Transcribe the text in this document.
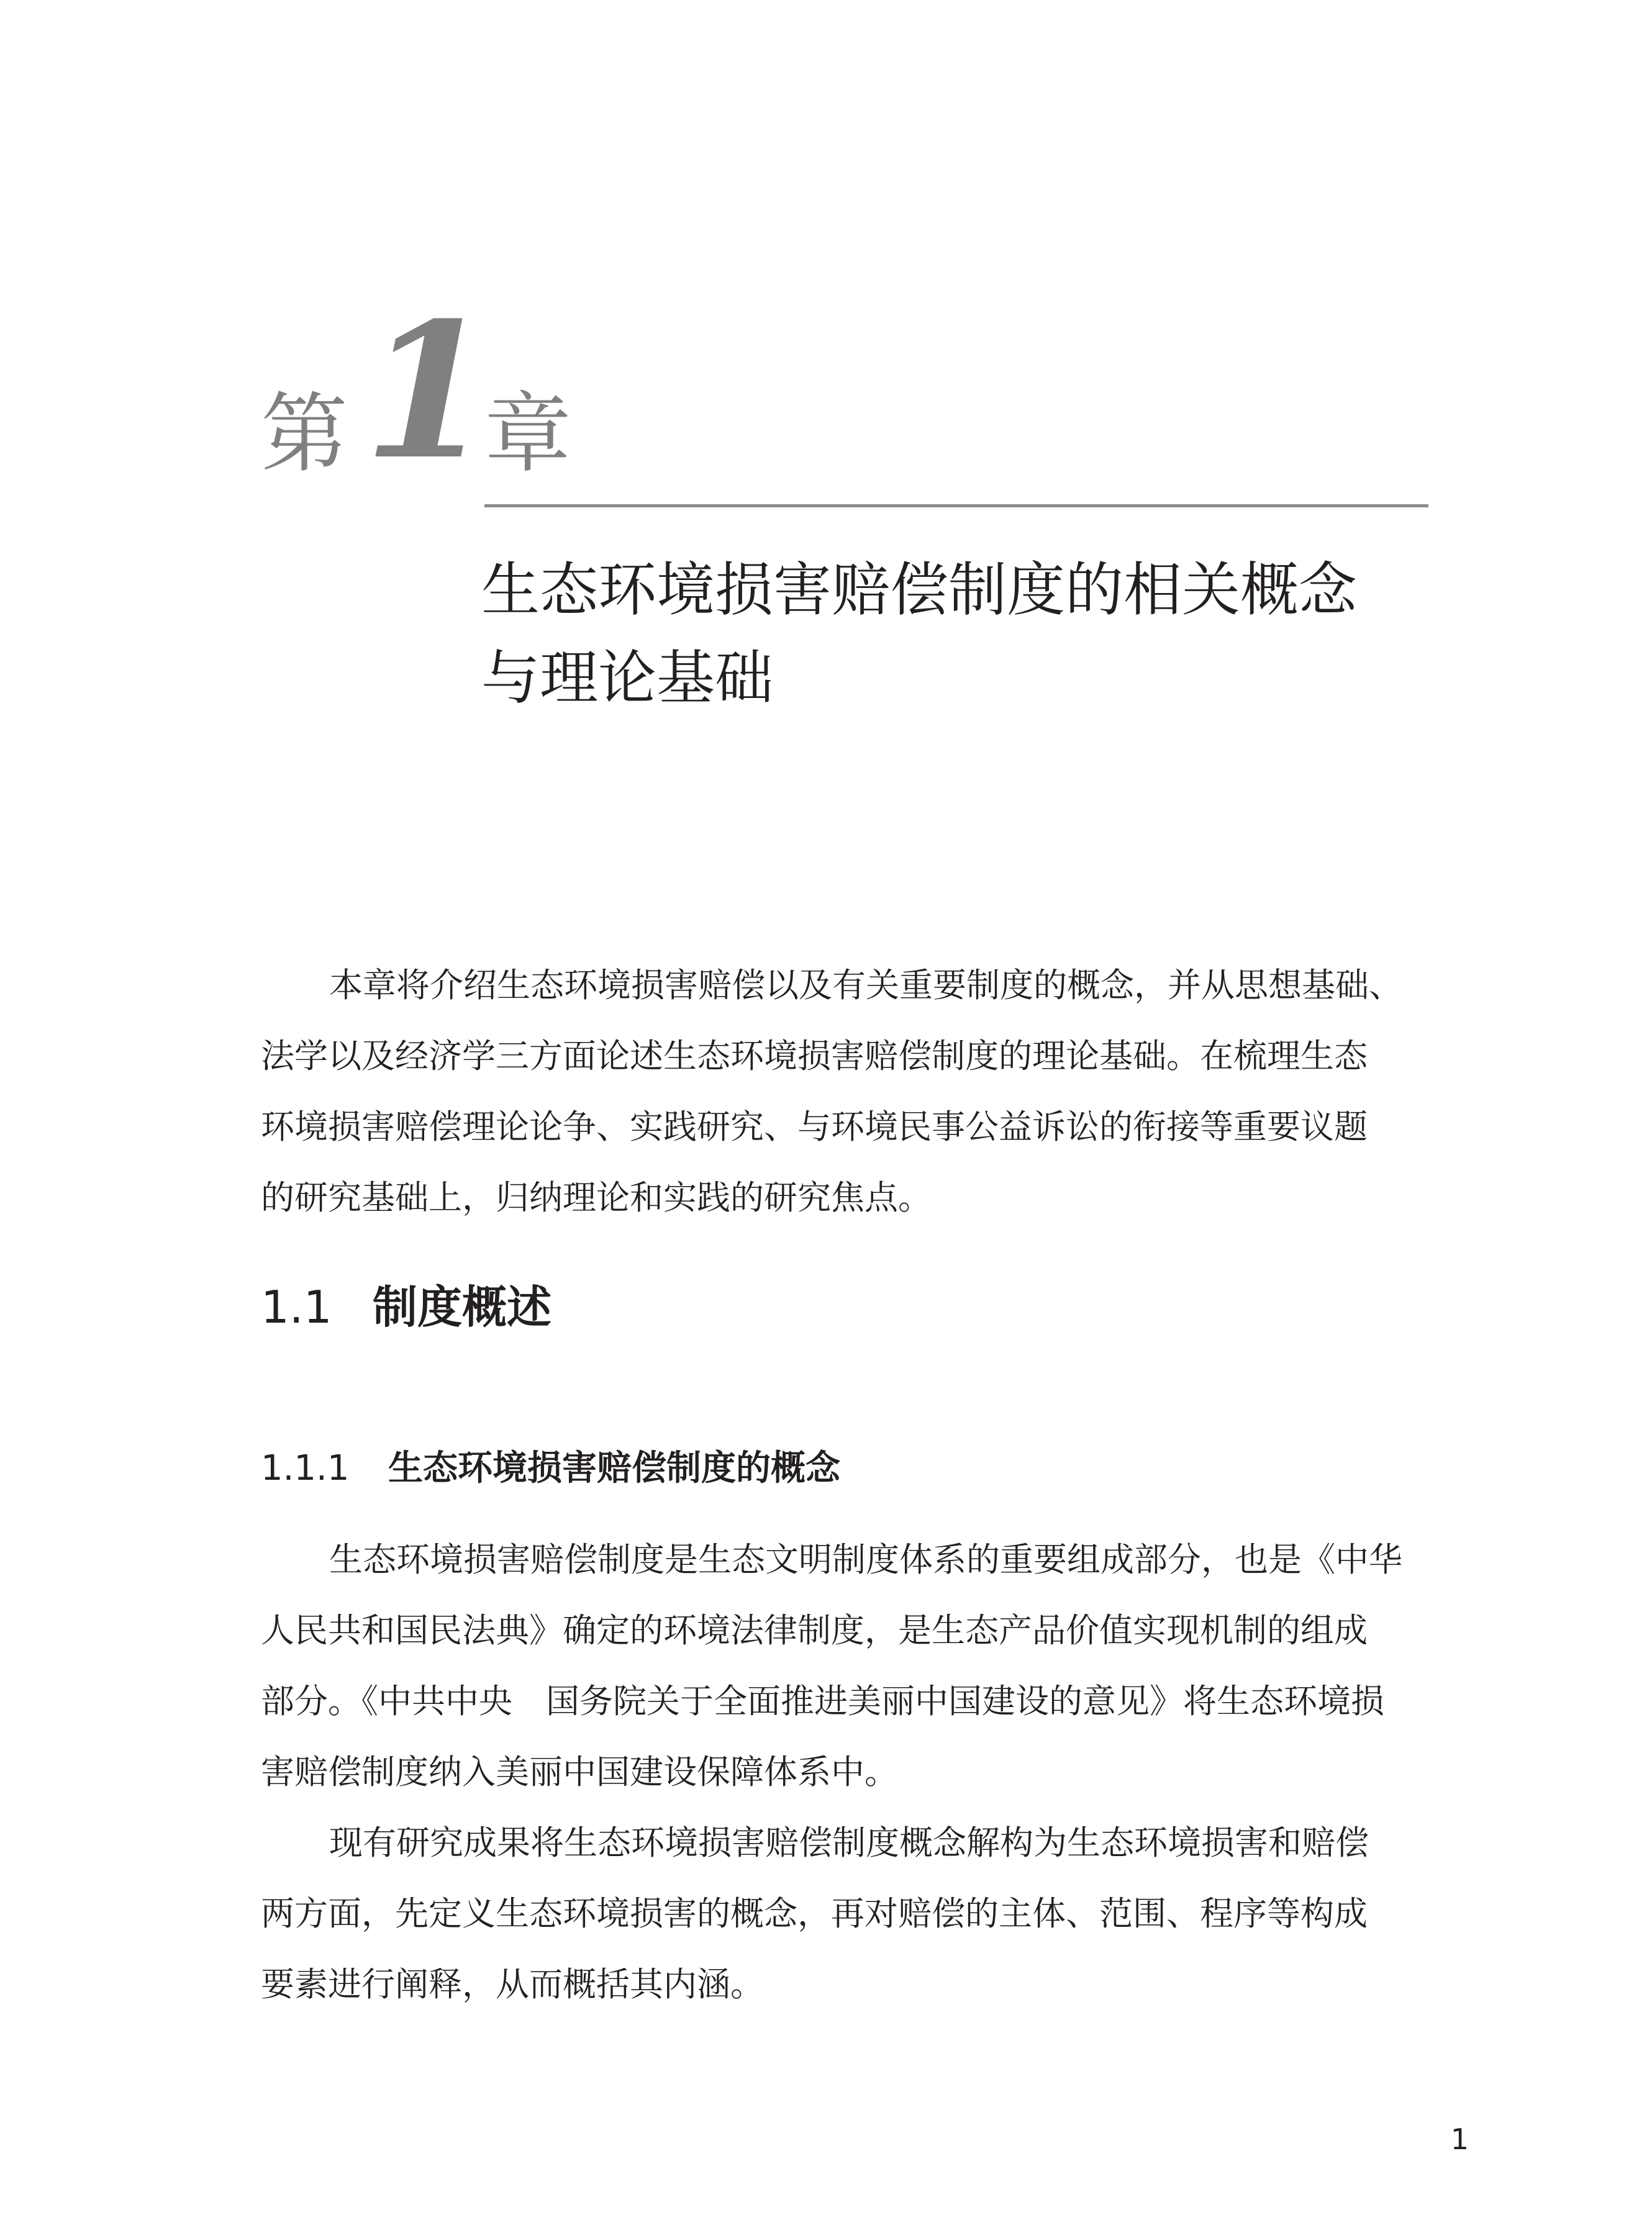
第 1
章
生态环境损害赔偿制度的相关概念
与理论基础
本章将介绍生态环境损害赔偿以及有关重要制度的概念，并从思想基础、
法学以及经济学三方面论述生态环境损害赔偿制度的理论基础。在梳理生态
环境损害赔偿理论论争、实践研究、与环境民事公益诉讼的衔接等重要议题
的研究基础上，归纳理论和实践的研究焦点。
1.1 制度概述
1.1.1 生态环境损害赔偿制度的概念
生态环境损害赔偿制度是生态文明制度体系的重要组成部分，也是《中华
人民共和国民法典》确定的环境法律制度，是生态产品价值实现机制的组成
部分。《中共中央　国务院关于全面推进美丽中国建设的意见》将生态环境损
害赔偿制度纳入美丽中国建设保障体系中。
现有研究成果将生态环境损害赔偿制度概念解构为生态环境损害和赔偿
两方面，先定义生态环境损害的概念，再对赔偿的主体、范围、程序等构成
要素进行阐释，从而概括其内涵。
1
